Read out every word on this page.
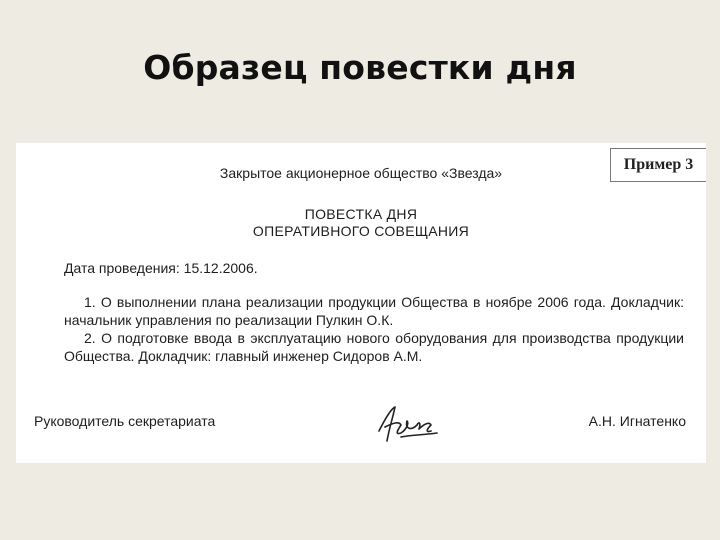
Образец повестки дня
Пример 3
Закрытое акционерное общество «Звезда»
ПОВЕСТКА ДНЯ
ОПЕРАТИВНОГО СОВЕЩАНИЯ
Дата проведения: 15.12.2006.

1. О выполнении плана реализации продукции Общества в ноябре 2006 года. Докладчик: начальник управления по реализации Пулкин О.К.

2. О подготовке ввода в эксплуатацию нового оборудования для производства продукции Общества. Докладчик: главный инженер Сидоров А.М.

Руководитель секретариата	А.Н. Игнатенко
